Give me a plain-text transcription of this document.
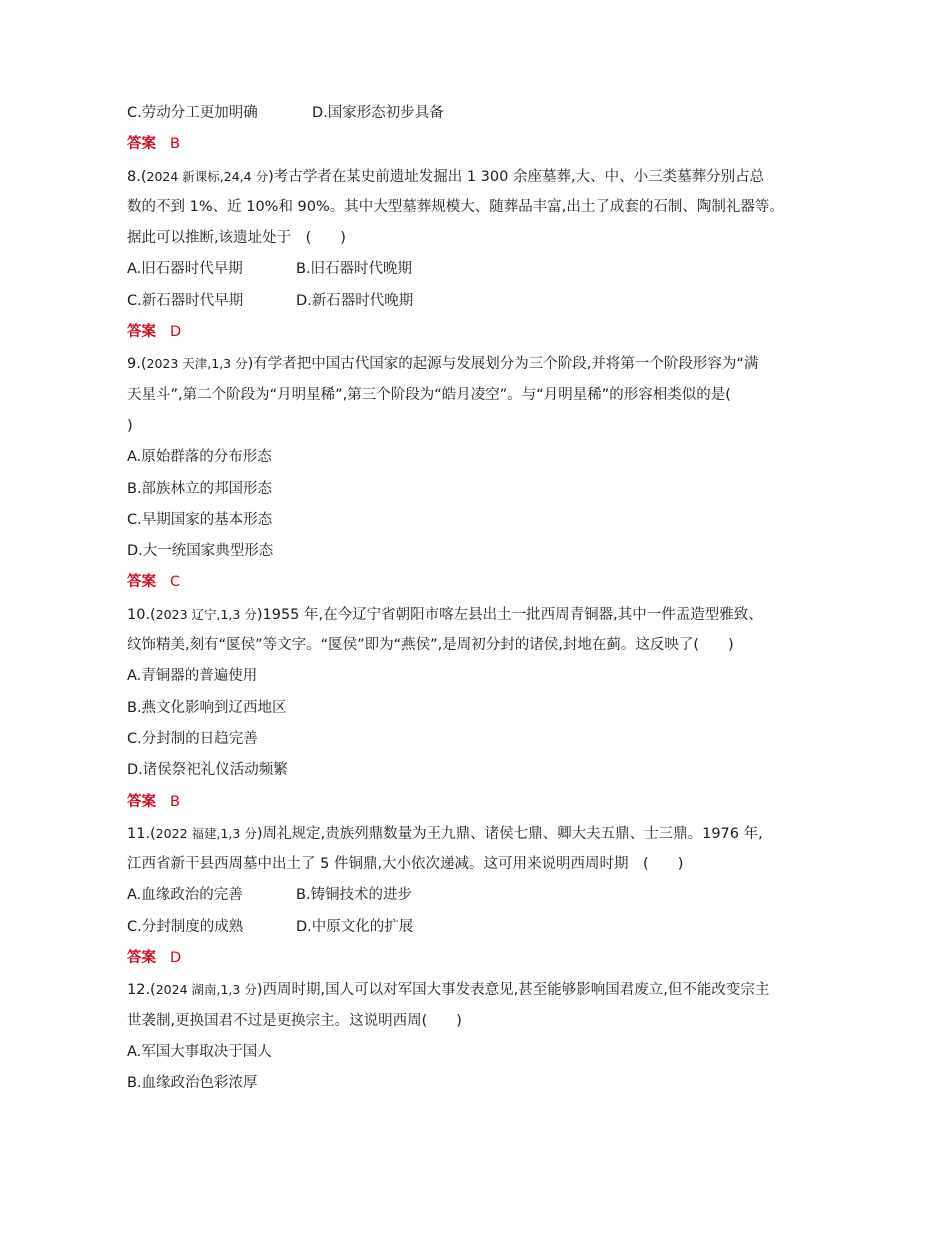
C.劳动分工更加明确	D.国家形态初步具备
答案 B
8.(2024 新课标,24,4 分)考古学者在某史前遗址发掘出 1 300 余座墓葬,大、中、小三类墓葬分别占总
数的不到 1%、近 10%和 90%。其中大型墓葬规模大、随葬品丰富,出土了成套的石制、陶制礼器等。
据此可以推断,该遗址处于　(　　)
A.旧石器时代早期	B.旧石器时代晚期
C.新石器时代早期	D.新石器时代晚期
答案 D
9.(2023 天津,1,3 分)有学者把中国古代国家的起源与发展划分为三个阶段,并将第一个阶段形容为“满
天星斗”,第二个阶段为“月明星稀”,第三个阶段为“皓月凌空”。与“月明星稀”的形容相类似的是(
)
A.原始群落的分布形态
B.部族林立的邦国形态
C.早期国家的基本形态
D.大一统国家典型形态
答案 C
10.(2023 辽宁,1,3 分)1955 年,在今辽宁省朝阳市喀左县出土一批西周青铜器,其中一件盂造型雅致、
纹饰精美,刻有“匽侯”等文字。“匽侯”即为“燕侯”,是周初分封的诸侯,封地在蓟。这反映了(　　)
A.青铜器的普遍使用
B.燕文化影响到辽西地区
C.分封制的日趋完善
D.诸侯祭祀礼仪活动频繁
答案 B
11.(2022 福建,1,3 分)周礼规定,贵族列鼎数量为王九鼎、诸侯七鼎、卿大夫五鼎、士三鼎。1976 年,
江西省新干县西周墓中出土了 5 件铜鼎,大小依次递减。这可用来说明西周时期　(　　)
A.血缘政治的完善	B.铸铜技术的进步
C.分封制度的成熟	D.中原文化的扩展
答案 D
12.(2024 湖南,1,3 分)西周时期,国人可以对军国大事发表意见,甚至能够影响国君废立,但不能改变宗主
世袭制,更换国君不过是更换宗主。这说明西周(　　)
A.军国大事取决于国人
B.血缘政治色彩浓厚
